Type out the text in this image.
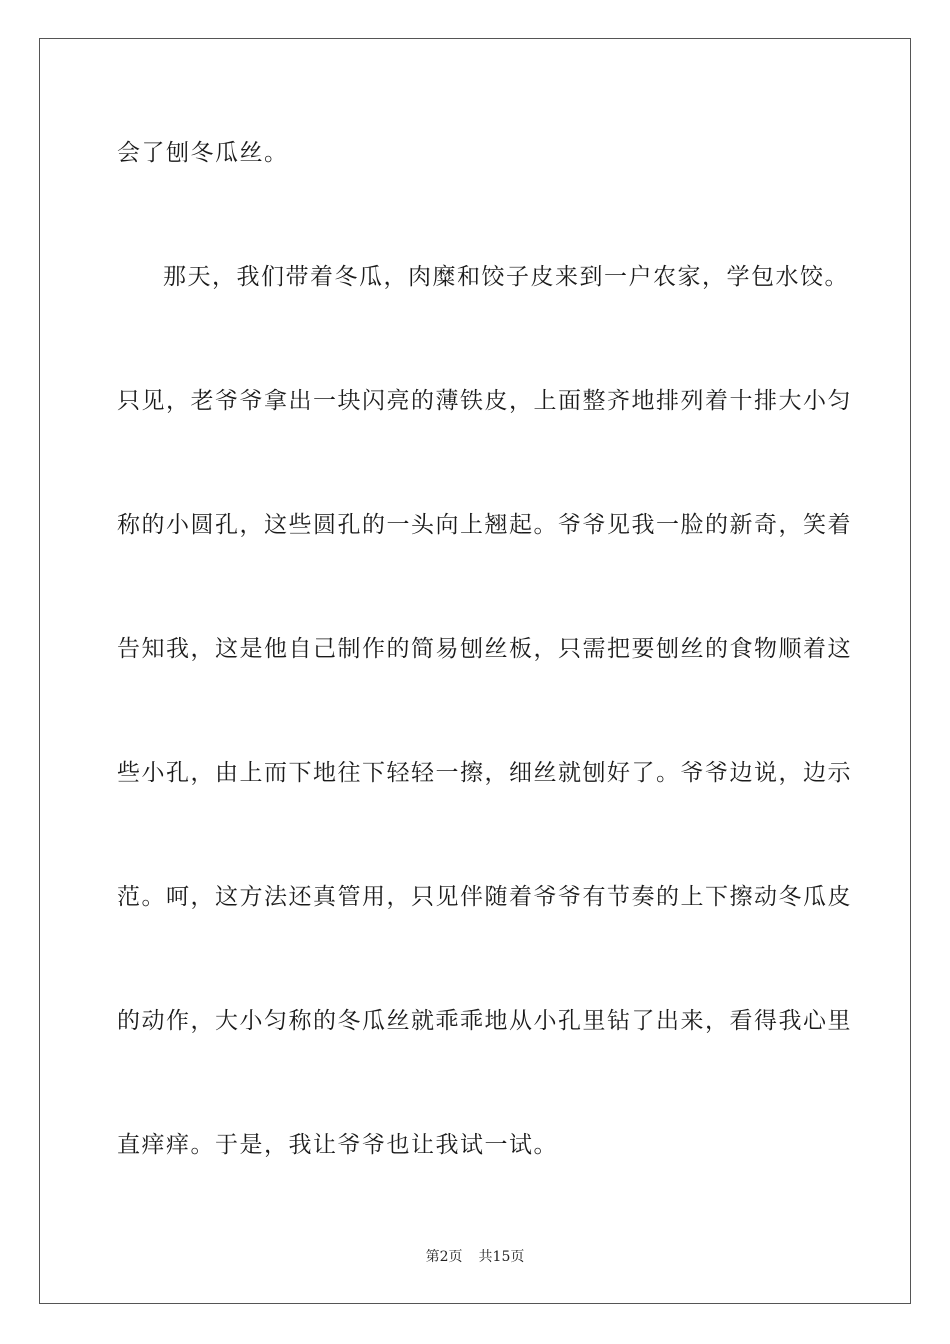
会了刨冬瓜丝。
那天，我们带着冬瓜，肉糜和饺子皮来到一户农家，学包水饺。
只见，老爷爷拿出一块闪亮的薄铁皮，上面整齐地排列着十排大小匀
称的小圆孔，这些圆孔的一头向上翘起。爷爷见我一脸的新奇，笑着
告知我，这是他自己制作的简易刨丝板，只需把要刨丝的食物顺着这
些小孔，由上而下地往下轻轻一擦，细丝就刨好了。爷爷边说，边示
范。呵，这方法还真管用，只见伴随着爷爷有节奏的上下擦动冬瓜皮
的动作，大小匀称的冬瓜丝就乖乖地从小孔里钻了出来，看得我心里
直痒痒。于是，我让爷爷也让我试一试。
第2页 共15页
